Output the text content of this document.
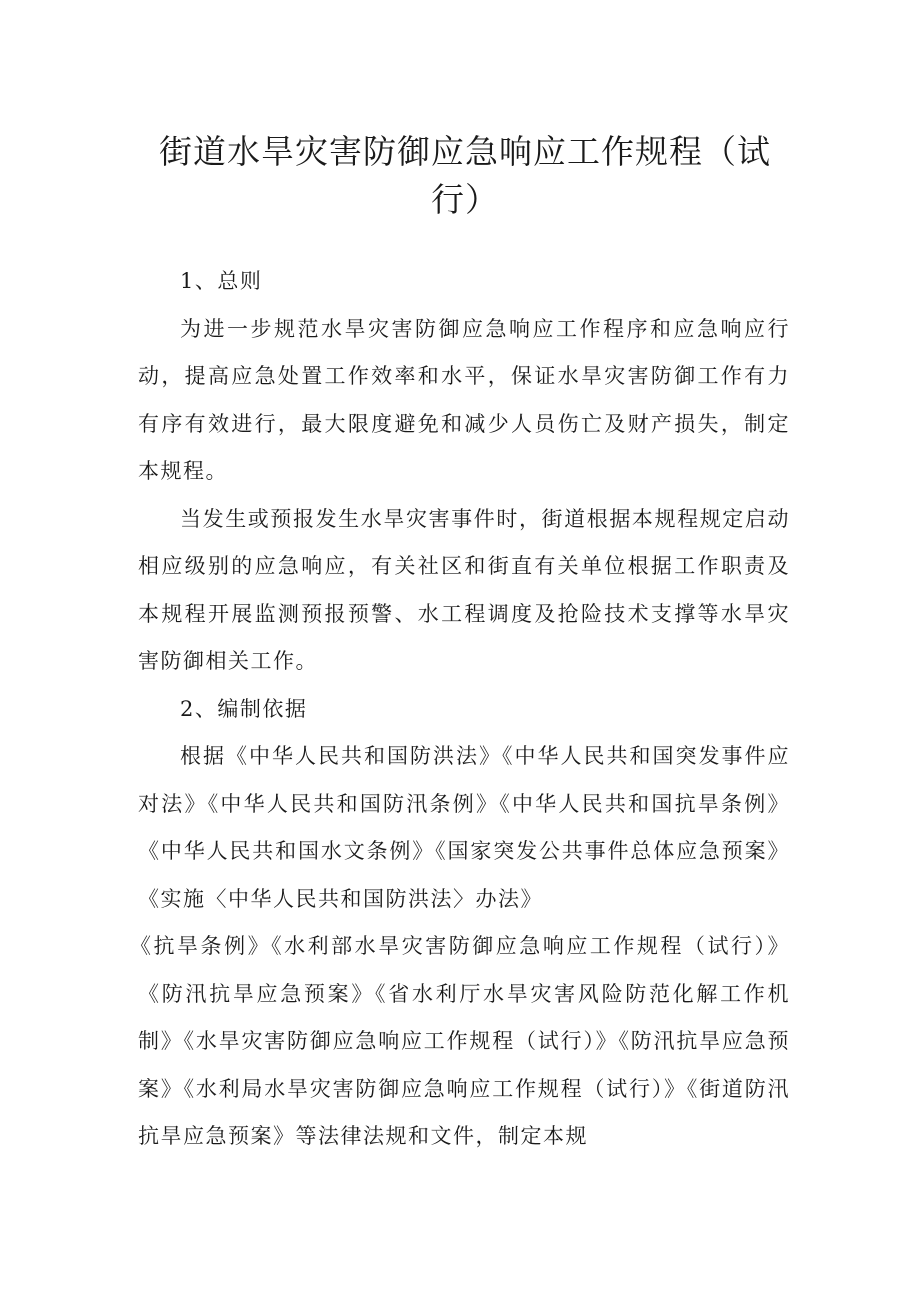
街道水旱灾害防御应急响应工作规程（试行）

1、总则

为进一步规范水旱灾害防御应急响应工作程序和应急响应行动，提高应急处置工作效率和水平，保证水旱灾害防御工作有力有序有效进行，最大限度避免和减少人员伤亡及财产损失，制定本规程。

当发生或预报发生水旱灾害事件时，街道根据本规程规定启动相应级别的应急响应，有关社区和街直有关单位根据工作职责及本规程开展监测预报预警、水工程调度及抢险技术支撑等水旱灾害防御相关工作。

2、编制依据

根据《中华人民共和国防洪法》《中华人民共和国突发事件应对法》《中华人民共和国防汛条例》《中华人民共和国抗旱条例》《中华人民共和国水文条例》《国家突发公共事件总体应急预案》《实施〈中华人民共和国防洪法〉办法》

《抗旱条例》《水利部水旱灾害防御应急响应工作规程（试行）》《防汛抗旱应急预案》《省水利厅水旱灾害风险防范化解工作机制》《水旱灾害防御应急响应工作规程（试行）》《防汛抗旱应急预案》《水利局水旱灾害防御应急响应工作规程（试行）》《街道防汛抗旱应急预案》等法律法规和文件，制定本规
